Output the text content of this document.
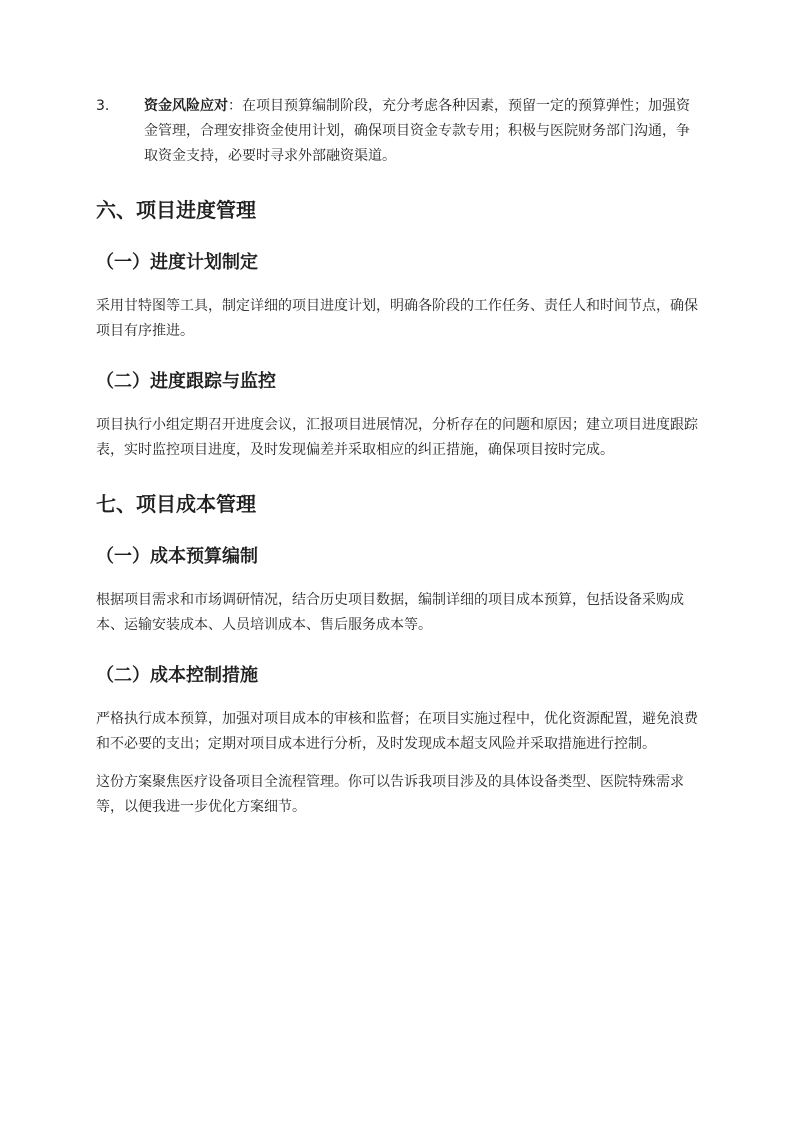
3. 资金风险应对：在项目预算编制阶段，充分考虑各种因素，预留一定的预算弹性；加强资金管理，合理安排资金使用计划，确保项目资金专款专用；积极与医院财务部门沟通，争取资金支持，必要时寻求外部融资渠道。
六、项目进度管理
（一）进度计划制定

采用甘特图等工具，制定详细的项目进度计划，明确各阶段的工作任务、责任人和时间节点，确保项目有序推进。

（二）进度跟踪与监控

项目执行小组定期召开进度会议，汇报项目进展情况，分析存在的问题和原因；建立项目进度跟踪表，实时监控项目进度，及时发现偏差并采取相应的纠正措施，确保项目按时完成。

七、项目成本管理
（一）成本预算编制

根据项目需求和市场调研情况，结合历史项目数据，编制详细的项目成本预算，包括设备采购成本、运输安装成本、人员培训成本、售后服务成本等。

（二）成本控制措施

严格执行成本预算，加强对项目成本的审核和监督；在项目实施过程中，优化资源配置，避免浪费和不必要的支出；定期对项目成本进行分析，及时发现成本超支风险并采取措施进行控制。

这份方案聚焦医疗设备项目全流程管理。你可以告诉我项目涉及的具体设备类型、医院特殊需求等，以便我进一步优化方案细节。
